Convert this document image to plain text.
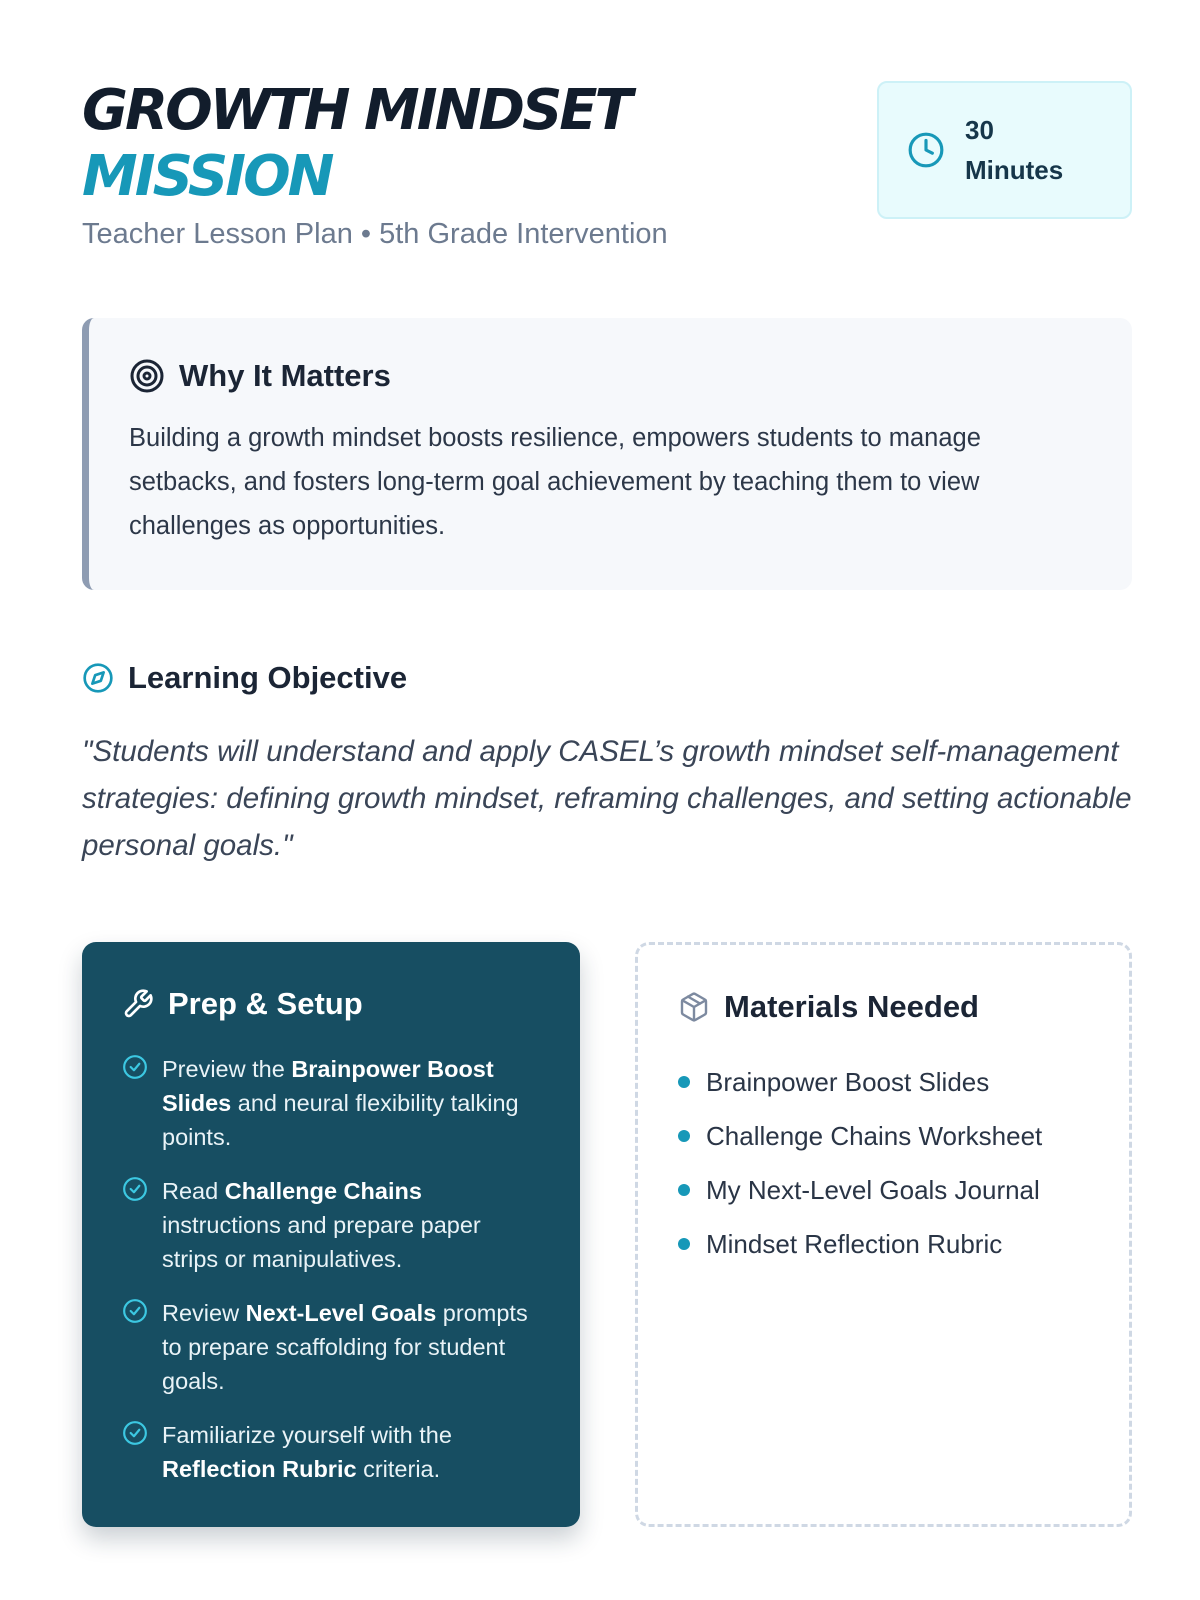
GROWTH MINDSET
MISSION
Teacher Lesson Plan • 5th Grade Intervention
30
Minutes
Why It Matters

Building a growth mindset boosts resilience, empowers students to manage setbacks, and fosters long-term goal achievement by teaching them to view challenges as opportunities.

Learning Objective

"Students will understand and apply CASEL’s growth mindset self-management strategies: defining growth mindset, reframing challenges, and setting actionable personal goals."

Prep & Setup
Preview the Brainpower Boost Slides and neural flexibility talking points.
Read Challenge Chains instructions and prepare paper strips or manipulatives.
Review Next-Level Goals prompts to prepare scaffolding for student goals.
Familiarize yourself with the Reflection Rubric criteria.
Materials Needed
Brainpower Boost Slides
Challenge Chains Worksheet
My Next-Level Goals Journal
Mindset Reflection Rubric
